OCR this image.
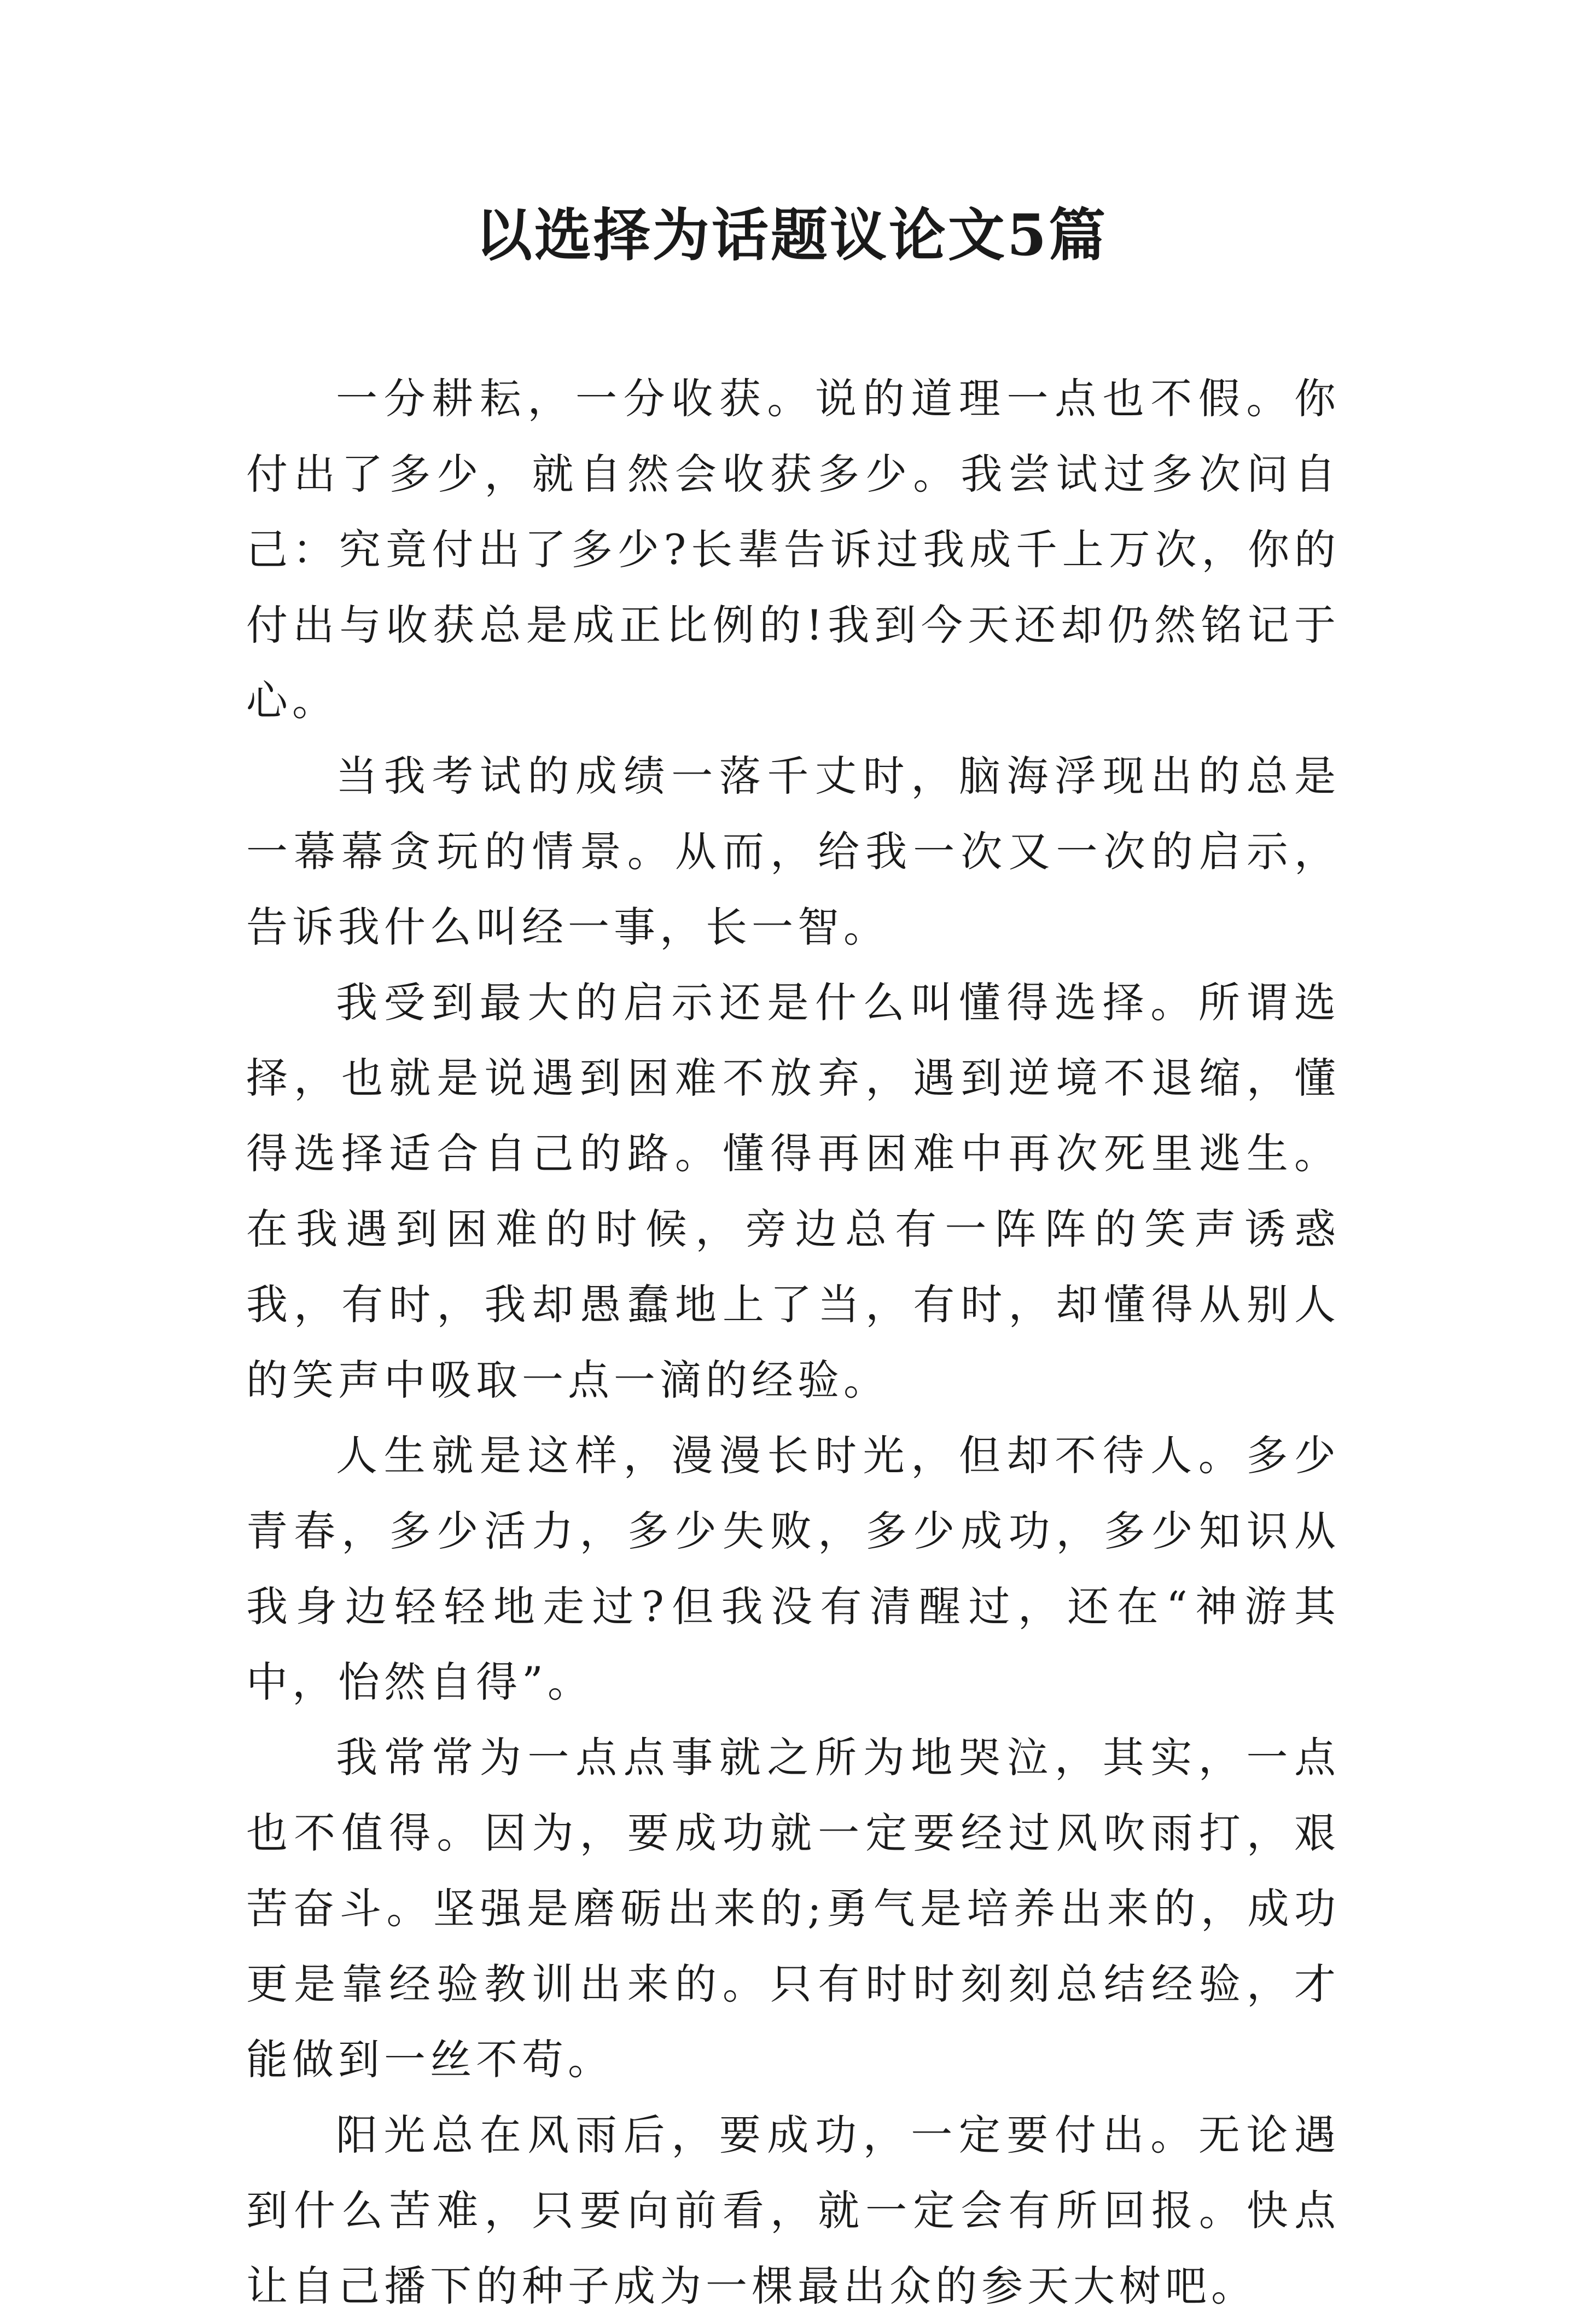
以选择为话题议论文5篇

一分耕耘，一分收获。说的道理一点也不假。你付出了多少，就自然会收获多少。我尝试过多次问自己：究竟付出了多少?长辈告诉过我成千上万次，你的付出与收获总是成正比例的!我到今天还却仍然铭记于心。

当我考试的成绩一落千丈时，脑海浮现出的总是一幕幕贪玩的情景。从而，给我一次又一次的启示，告诉我什么叫经一事，长一智。

我受到最大的启示还是什么叫懂得选择。所谓选择，也就是说遇到困难不放弃，遇到逆境不退缩，懂得选择适合自己的路。懂得再困难中再次死里逃生。在我遇到困难的时候，旁边总有一阵阵的笑声诱惑我，有时，我却愚蠢地上了当，有时，却懂得从别人的笑声中吸取一点一滴的经验。

人生就是这样，漫漫长时光，但却不待人。多少青春，多少活力，多少失败，多少成功，多少知识从我身边轻轻地走过?但我没有清醒过，还在“神游其中，怡然自得”。

我常常为一点点事就之所为地哭泣，其实，一点也不值得。因为，要成功就一定要经过风吹雨打，艰苦奋斗。坚强是磨砺出来的;勇气是培养出来的，成功更是靠经验教训出来的。只有时时刻刻总结经验，才能做到一丝不苟。

阳光总在风雨后，要成功，一定要付出。无论遇到什么苦难，只要向前看，就一定会有所回报。快点让自己播下的种子成为一棵最出众的参天大树吧。
